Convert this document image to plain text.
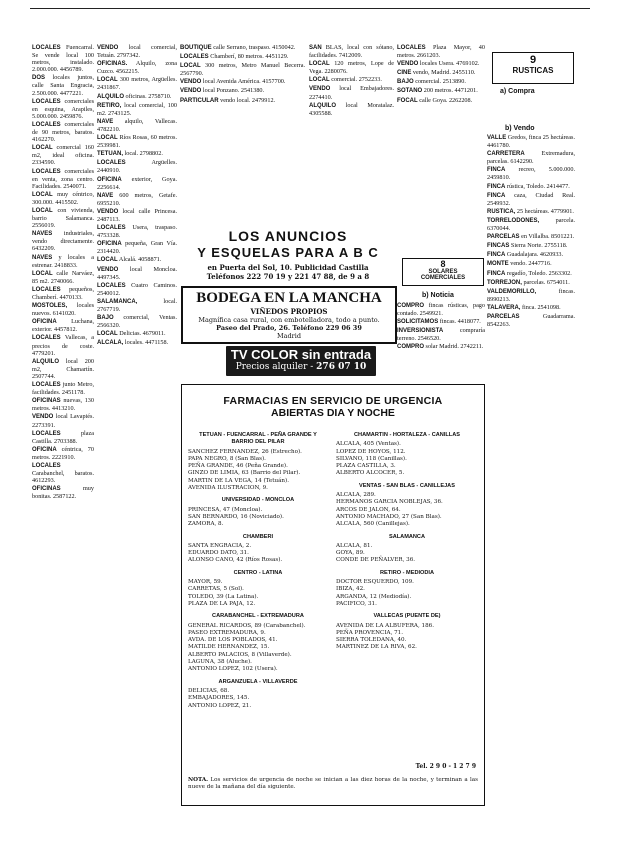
LOCALES Fuencarral. Se vende local 100 metros, instalado. 2.000.000. 4456789.

DOS locales juntos, calle Santa Engracia, 2.500.000. 4477221.

LOCALES comerciales en esquina, Arapiles, 5.000.000. 2459876.

LOCALES comerciales de 90 metros, baratos. 4162270.

LOCAL comercial 160 m2, ideal oficina. 2334590.

LOCALES comerciales en venta, zona centro. Facilidades. 2540071.

LOCAL muy céntrico, 300.000. 4415502.

LOCAL con vivienda, barrio Salamanca. 2556019.

NAVES industriales, vendo directamente. 6432209.

NAVES y locales a estrenar. 2418833.

LOCAL calle Narváez, 85 m2. 2740066.

LOCALES pequeños, Chamberí. 4470133.

MOSTOLES, locales nuevos. 6141020.

OFICINA Luchana, exterior. 4457812.

LOCALES Vallecas, a precios de coste. 4779201.

ALQUILO local 200 m2, Chamartín. 2507744.

LOCALES junto Metro, facilidades. 2451178.

OFICINAS nuevas, 130 metros. 4413210.

VENDO local Lavapiés. 2273391.

LOCALES plaza Castilla. 2703388.

OFICINA céntrica, 70 metros. 2221910.

LOCALES Carabanchel, baratos. 4612293.

OFICINAS muy bonitas. 2587122.

VENDO local comercial, Tetuán. 2797342.

OFICINAS. Alquilo, zona Cuzco. 4562215.

LOCAL 300 metros, Argüelles. 2431867.

ALQUILO oficinas. 2758710.

RETIRO, local comercial, 100 m2. 2743125.

NAVE alquilo, Vallecas. 4782210.

LOCAL Ríos Rosas, 60 metros. 2539981.

TETUAN, local. 2798802.

LOCALES Argüelles. 2440910.

OFICINA exterior, Goya. 2256614.

NAVE 600 metros, Getafe. 6955210.

VENDO local calle Princesa. 2487113.

LOCALES Usera, traspaso. 4753328.

OFICINA pequeña, Gran Vía. 2314420.

LOCAL Alcalá. 4058871.

VENDO local Moncloa. 4497345.

LOCALES Cuatro Caminos. 2540012.

SALAMANCA, local. 2767719.

BAJO comercial, Ventas. 2566320.

LOCAL Delicias. 4679011.

ALCALA, locales. 4471158.

BOUTIQUE calle Serrano, traspaso. 4150042.

LOCALES Chamberí, 80 metros. 4451129.

LOCAL 300 metros, Metro Manuel Becerra. 2567790.

VENDO local Avenida América. 4157700.

VENDO local Ponzano. 2541380.

PARTICULAR vendo local. 2479912.

SAN BLAS, local con sótano, facilidades. 7412009.

LOCAL 120 metros, Lope de Vega. 2280076.

LOCAL comercial. 2752233.

VENDO local Embajadores. 2274410.

ALQUILO local Moratalaz. 4305588.

LOCALES Plaza Mayor, 40 metros. 2661203.

VENDO locales Usera. 4769102.

CINE vendo, Madrid. 2455110.

BAJO comercial. 2513890.

SOTANO 200 metros. 4471201.

FOCAL calle Goya. 2262208.

9
RUSTICAS
a) Compra
b) Vendo

VALLE Gredos, finca 25 hectáreas. 4461780.

CARRETERA Extremadura, parcelas. 6142290.

FINCA recreo, 5.000.000. 2459810.

FINCA rústica, Toledo. 2414477.

FINCA caza, Ciudad Real. 2549932.

RUSTICA, 25 hectáreas. 4779901.

TORRELODONES, parcela. 6370044.

PARCELAS en Villalba. 8501221.

FINCAS Sierra Norte. 2755118.

FINCA Guadalajara. 4620933.

MONTE vendo. 2447716.

FINCA regadío, Toledo. 2563302.

TORREJON, parcelas. 6754011.

VALDEMORILLO, fincas. 8990213.

TALAVERA, finca. 2541098.

PARCELAS Guadarrama. 8542263.

LOS ANUNCIOS
Y ESQUELAS PARA A B C
en Puerta del Sol, 10. Publicidad Castilla
Teléfonos 222 70 19 y 221 47 88, de 9 a 8
BODEGA EN LA MANCHA
VIÑEDOS PROPIOS
Magnífica casa rural, con embotelladora, todo a punto.
Paseo del Prado, 26. Teléfono 229 06 39
Madrid
8
SOLARES
COMERCIALES
b) Noticia

COMPRO fincas rústicas, pago contado. 2549921.

SOLICITAMOS fincas. 4418077.

INVERSIONISTA compraría terreno. 2546520.

COMPRO solar Madrid. 2742211.

TV COLOR sin entrada
Precios alquiler - 276 07 10
FARMACIAS EN SERVICIO DE URGENCIA
ABIERTAS DIA Y NOCHE
TETUAN - FUENCARRAL - PEÑA GRANDE Y BARRIO DEL PILAR
SANCHEZ FERNANDEZ, 26 (Estrecho).
PAPA NEGRO, 8 (San Blas).
PEÑA GRANDE, 46 (Peña Grande).
GINZO DE LIMIA, 63 (Barrio del Pilar).
MARTIN DE LA VEGA, 14 (Tetuán).
AVENIDA ILUSTRACION, 9.
UNIVERSIDAD - MONCLOA
PRINCESA, 47 (Moncloa).
SAN BERNARDO, 16 (Noviciado).
ZAMORA, 8.
CHAMBERI
SANTA ENGRACIA, 2.
EDUARDO DATO, 31.
ALONSO CANO, 42 (Ríos Rosas).
CENTRO - LATINA
MAYOR, 59.
CARRETAS, 5 (Sol).
TOLEDO, 39 (La Latina).
PLAZA DE LA PAJA, 12.
CARABANCHEL - EXTREMADURA
GENERAL RICARDOS, 89 (Carabanchel).
PASEO EXTREMADURA, 9.
AVDA. DE LOS POBLADOS, 41.
MATILDE HERNANDEZ, 15.
ALBERTO PALACIOS, 8 (Villaverde).
LAGUNA, 38 (Aluche).
ANTONIO LOPEZ, 102 (Usera).
ARGANZUELA - VILLAVERDE
DELICIAS, 68.
EMBAJADORES, 145.
ANTONIO LOPEZ, 21.
CHAMARTIN - HORTALEZA - CANILLAS
ALCALA, 405 (Ventas).
LOPEZ DE HOYOS, 112.
SILVANO, 118 (Canillas).
PLAZA CASTILLA, 3.
ALBERTO ALCOCER, 5.
VENTAS - SAN BLAS - CANILLEJAS
ALCALA, 289.
HERMANOS GARCIA NOBLEJAS, 36.
ARCOS DE JALON, 64.
ANTONIO MACHADO, 27 (San Blas).
ALCALA, 560 (Canillejas).
SALAMANCA
ALCALA, 81.
GOYA, 89.
CONDE DE PEÑALVER, 36.
RETIRO - MEDIODIA
DOCTOR ESQUERDO, 109.
IBIZA, 42.
ARGANDA, 12 (Mediodía).
PACIFICO, 31.
VALLECAS (PUENTE DE)
AVENIDA DE LA ALBUFERA, 186.
PEÑA PROVENCIA, 71.
SIERRA TOLEDANA, 40.
MARTINEZ DE LA RIVA, 62.
NOTA. Los servicios de urgencia de noche se inician a las diez horas de la noche, y terminan a las nueve de la mañana del día siguiente.
Tel. 2 9 0 - 1 2 7 9
